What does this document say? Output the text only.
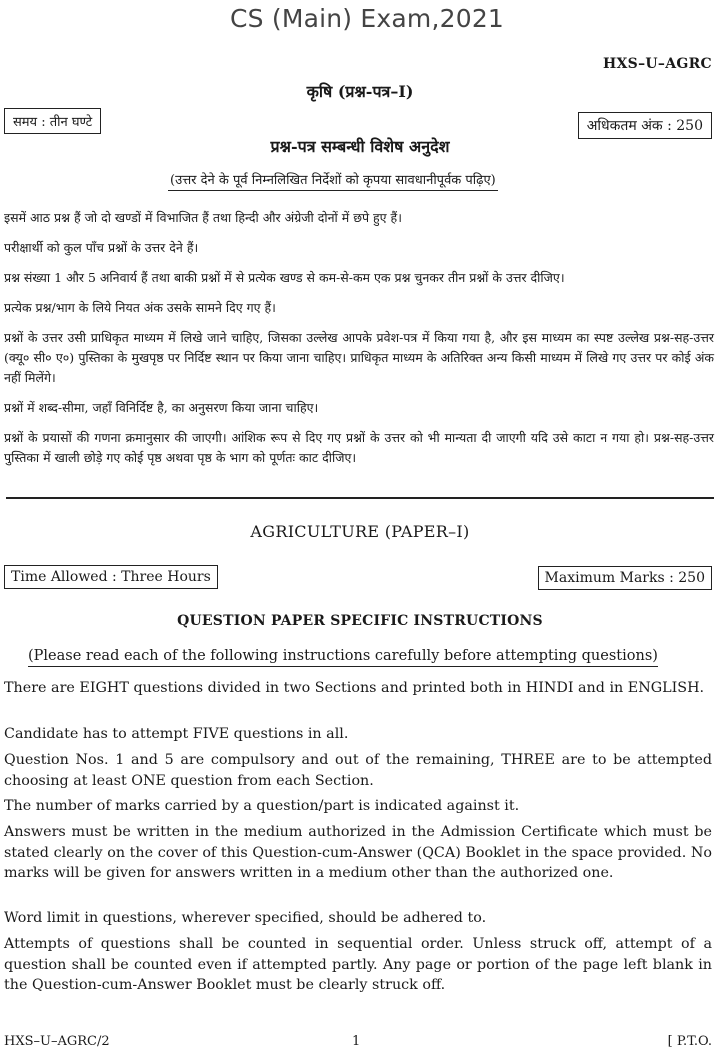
CS (Main) Exam,2021
HXS–U–AGRC
कृषि (प्रश्न-पत्र–I)
समय : तीन घण्टे	अधिकतम अंक : 250
प्रश्न-पत्र सम्बन्धी विशेष अनुदेश
(उत्तर देने के पूर्व निम्नलिखित निर्देशों को कृपया सावधानीपूर्वक पढ़िए)
इसमें आठ प्रश्न हैं जो दो खण्डों में विभाजित हैं तथा हिन्दी और अंग्रेजी दोनों में छपे हुए हैं।
परीक्षार्थी को कुल पाँच प्रश्नों के उत्तर देने हैं।
प्रश्न संख्या 1 और 5 अनिवार्य हैं तथा बाकी प्रश्नों में से प्रत्येक खण्ड से कम-से-कम एक प्रश्न चुनकर तीन प्रश्नों के उत्तर दीजिए।
प्रत्येक प्रश्न/भाग के लिये नियत अंक उसके सामने दिए गए हैं।
प्रश्नों के उत्तर उसी प्राधिकृत माध्यम में लिखे जाने चाहिए, जिसका उल्लेख आपके प्रवेश-पत्र में किया गया है, और इस माध्यम का स्पष्ट उल्लेख प्रश्न-सह-उत्तर (क्यू० सी० ए०) पुस्तिका के मुखपृष्ठ पर निर्दिष्ट स्थान पर किया जाना चाहिए। प्राधिकृत माध्यम के अतिरिक्त अन्य किसी माध्यम में लिखे गए उत्तर पर कोई अंक नहीं मिलेंगे।
प्रश्नों में शब्द-सीमा, जहाँ विनिर्दिष्ट है, का अनुसरण किया जाना चाहिए।
प्रश्नों के प्रयासों की गणना क्रमानुसार की जाएगी। आंशिक रूप से दिए गए प्रश्नों के उत्तर को भी मान्यता दी जाएगी यदि उसे काटा न गया हो। प्रश्न-सह-उत्तर पुस्तिका में खाली छोड़े गए कोई पृष्ठ अथवा पृष्ठ के भाग को पूर्णतः काट दीजिए।
AGRICULTURE (PAPER–I)
Time Allowed : Three Hours	Maximum Marks : 250
QUESTION PAPER SPECIFIC INSTRUCTIONS
(Please read each of the following instructions carefully before attempting questions)
There are EIGHT questions divided in two Sections and printed both in HINDI and in ENGLISH.
Candidate has to attempt FIVE questions in all.
Question Nos. 1 and 5 are compulsory and out of the remaining, THREE are to be attempted choosing at least ONE question from each Section.
The number of marks carried by a question/part is indicated against it.
Answers must be written in the medium authorized in the Admission Certificate which must be stated clearly on the cover of this Question-cum-Answer (QCA) Booklet in the space provided. No marks will be given for answers written in a medium other than the authorized one.
Word limit in questions, wherever specified, should be adhered to.
Attempts of questions shall be counted in sequential order. Unless struck off, attempt of a question shall be counted even if attempted partly. Any page or portion of the page left blank in the Question-cum-Answer Booklet must be clearly struck off.
HXS–U–AGRC/2	1	[ P.T.O.
